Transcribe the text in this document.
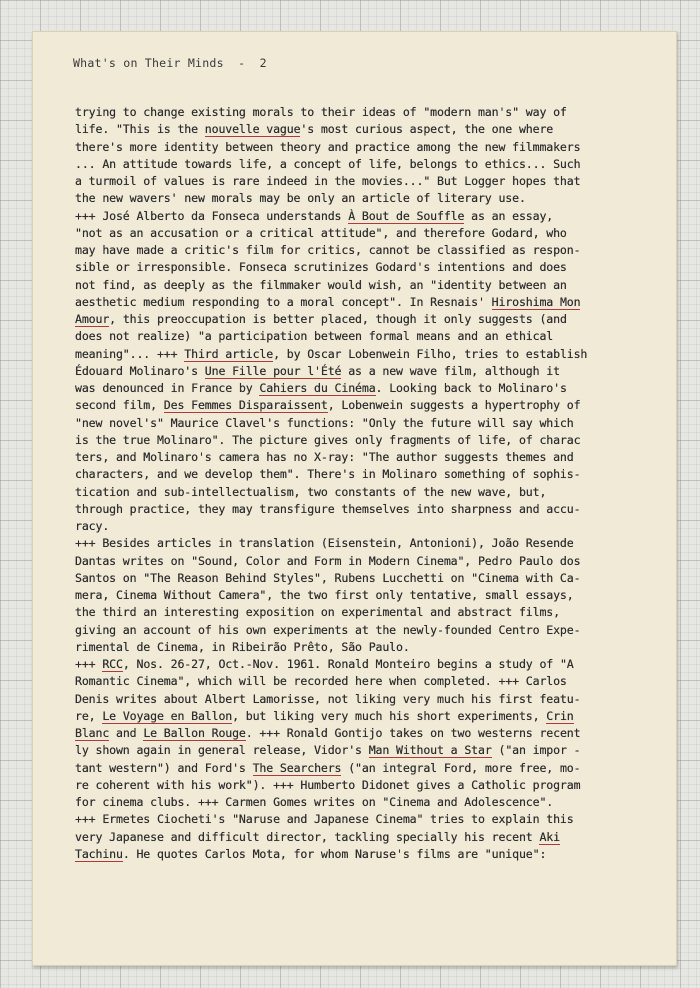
What's on Their Minds  -  2
trying to change existing morals to their ideas of "modern man's" way of
life. "This is the nouvelle vague's most curious aspect, the one where
there's more identity between theory and practice among the new filmmakers
... An attitude towards life, a concept of life, belongs to ethics... Such
a turmoil of values is rare indeed in the movies..." But Logger hopes that
the new wavers' new morals may be only an article of literary use.
+++ José Alberto da Fonseca understands À Bout de Souffle as an essay,
"not as an accusation or a critical attitude", and therefore Godard, who
may have made a critic's film for critics, cannot be classified as respon-
sible or irresponsible. Fonseca scrutinizes Godard's intentions and does
not find, as deeply as the filmmaker would wish, an "identity between an
aesthetic medium responding to a moral concept". In Resnais' Hiroshima Mon
Amour, this preoccupation is better placed, though it only suggests (and
does not realize) "a participation between formal means and an ethical
meaning"... +++ Third article, by Oscar Lobenwein Filho, tries to establish
Édouard Molinaro's Une Fille pour l'Été as a new wave film, although it
was denounced in France by Cahiers du Cinéma. Looking back to Molinaro's
second film, Des Femmes Disparaissent, Lobenwein suggests a hypertrophy of
"new novel's" Maurice Clavel's functions: "Only the future will say which
is the true Molinaro". The picture gives only fragments of life, of charac
ters, and Molinaro's camera has no X-ray: "The author suggests themes and
characters, and we develop them". There's in Molinaro something of sophis-
tication and sub-intellectualism, two constants of the new wave, but,
through practice, they may transfigure themselves into sharpness and accu-
racy.
+++ Besides articles in translation (Eisenstein, Antonioni), João Resende
Dantas writes on "Sound, Color and Form in Modern Cinema", Pedro Paulo dos
Santos on "The Reason Behind Styles", Rubens Lucchetti on "Cinema with Ca-
mera, Cinema Without Camera", the two first only tentative, small essays,
the third an interesting exposition on experimental and abstract films,
giving an account of his own experiments at the newly-founded Centro Expe-
rimental de Cinema, in Ribeirão Prêto, São Paulo.
+++ RCC, Nos. 26-27, Oct.-Nov. 1961. Ronald Monteiro begins a study of "A
Romantic Cinema", which will be recorded here when completed. +++ Carlos
Denis writes about Albert Lamorisse, not liking very much his first featu-
re, Le Voyage en Ballon, but liking very much his short experiments, Crin
Blanc and Le Ballon Rouge. +++ Ronald Gontijo takes on two westerns recent
ly shown again in general release, Vidor's Man Without a Star ("an impor -
tant western") and Ford's The Searchers ("an integral Ford, more free, mo-
re coherent with his work"). +++ Humberto Didonet gives a Catholic program
for cinema clubs. +++ Carmen Gomes writes on "Cinema and Adolescence".
+++ Ermetes Ciocheti's "Naruse and Japanese Cinema" tries to explain this
very Japanese and difficult director, tackling specially his recent Aki
Tachinu. He quotes Carlos Mota, for whom Naruse's films are "unique":
